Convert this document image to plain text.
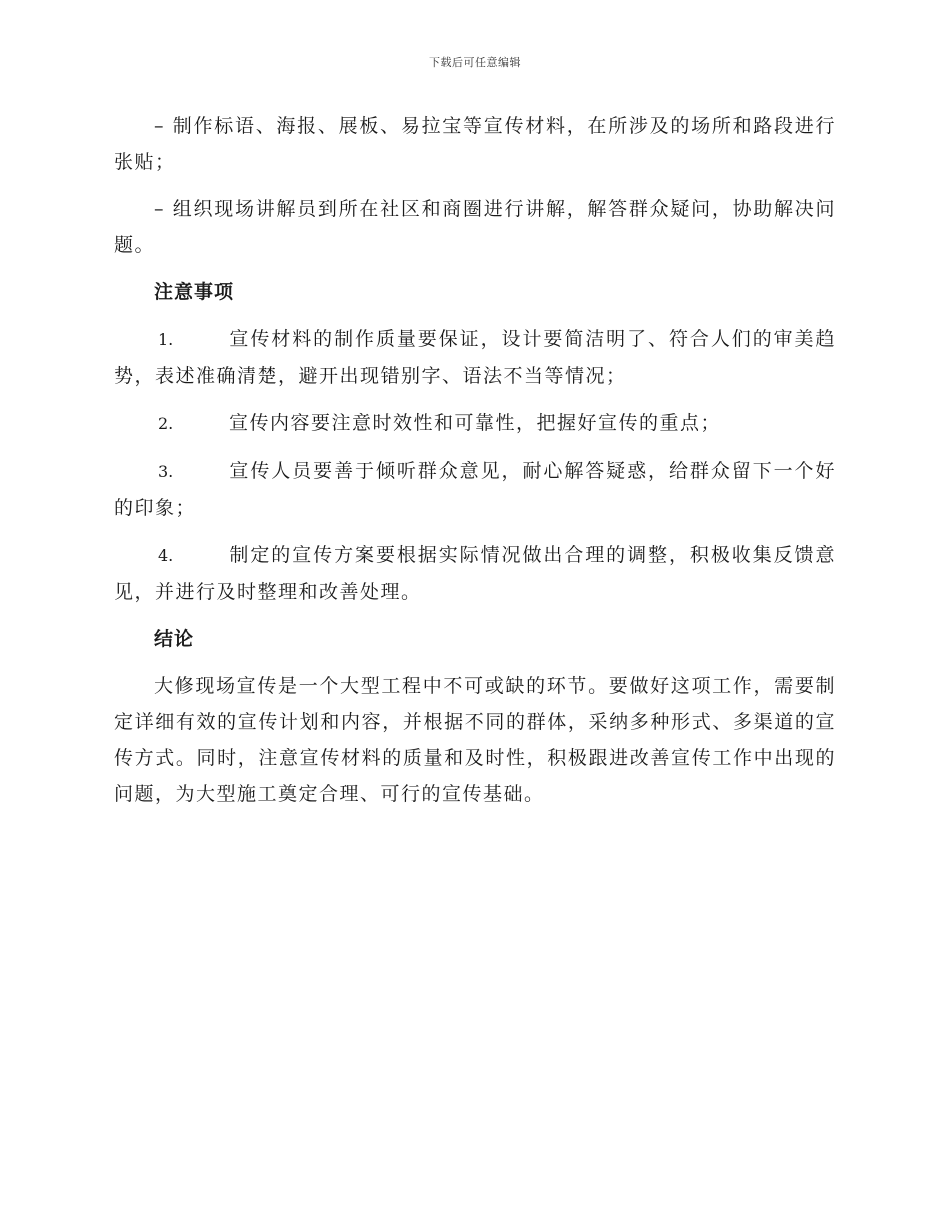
下载后可任意编辑

– 制作标语、海报、展板、易拉宝等宣传材料，在所涉及的场所和路段进行张贴；

– 组织现场讲解员到所在社区和商圈进行讲解，解答群众疑问，协助解决问题。

注意事项

1.	宣传材料的制作质量要保证，设计要简洁明了、符合人们的审美趋势，表述准确清楚，避开出现错别字、语法不当等情况；

2.	宣传内容要注意时效性和可靠性，把握好宣传的重点；

3.	宣传人员要善于倾听群众意见，耐心解答疑惑，给群众留下一个好的印象；

4.	制定的宣传方案要根据实际情况做出合理的调整，积极收集反馈意见，并进行及时整理和改善处理。

结论

大修现场宣传是一个大型工程中不可或缺的环节。要做好这项工作，需要制定详细有效的宣传计划和内容，并根据不同的群体，采纳多种形式、多渠道的宣传方式。同时，注意宣传材料的质量和及时性，积极跟进改善宣传工作中出现的问题，为大型施工奠定合理、可行的宣传基础。
